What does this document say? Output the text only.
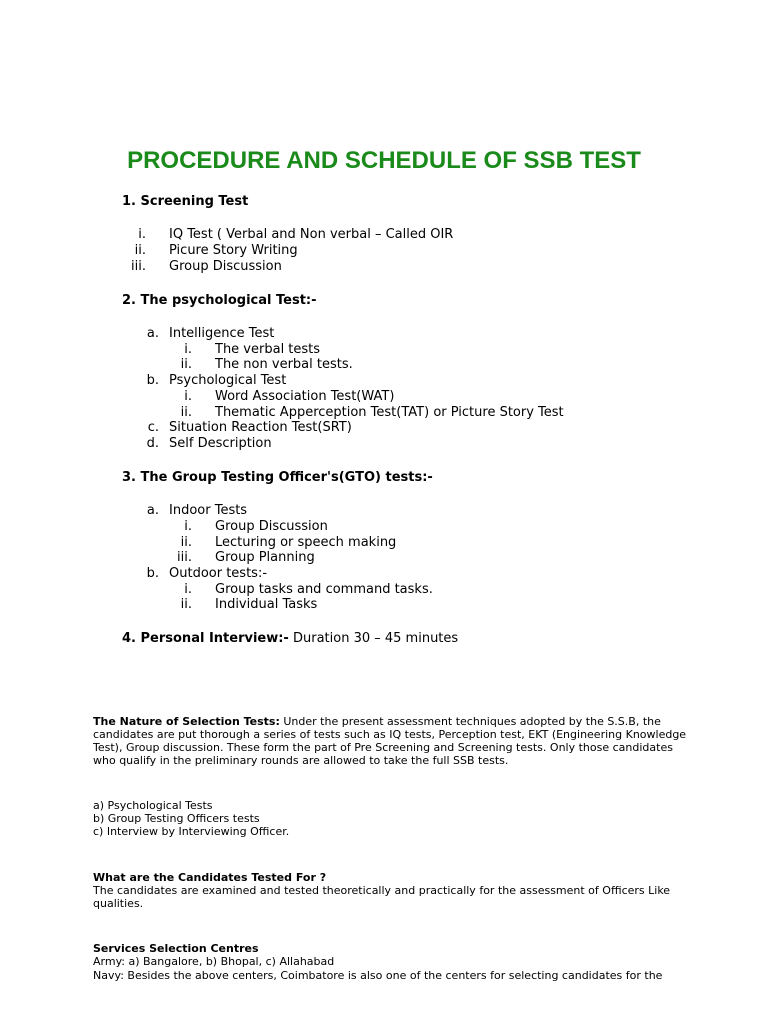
PROCEDURE AND SCHEDULE OF SSB TEST
1. Screening Test
i. IQ Test ( Verbal and Non verbal – Called OIR
ii. Picure Story Writing
iii. Group Discussion
2. The psychological Test:-
a. Intelligence Test
i. The verbal tests
ii. The non verbal tests.
b. Psychological Test
i. Word Association Test(WAT)
ii. Thematic Apperception Test(TAT) or Picture Story Test
c. Situation Reaction Test(SRT)
d. Self Description
3. The Group Testing Officer's(GTO) tests:-
a. Indoor Tests
i. Group Discussion
ii. Lecturing or speech making
iii. Group Planning
b. Outdoor tests:-
i. Group tasks and command tasks.
ii. Individual Tasks
4. Personal Interview:- Duration 30 – 45 minutes
The Nature of Selection Tests: Under the present assessment techniques adopted by the S.S.B, the candidates are put thorough a series of tests such as IQ tests, Perception test, EKT (Engineering Knowledge Test), Group discussion. These form the part of Pre Screening and Screening tests. Only those candidates who qualify in the preliminary rounds are allowed to take the full SSB tests.
a) Psychological Tests
b) Group Testing Officers tests
c) Interview by Interviewing Officer.
What are the Candidates Tested For ?
The candidates are examined and tested theoretically and practically for the assessment of Officers Like qualities.
Services Selection Centres
Army: a) Bangalore, b) Bhopal, c) Allahabad
Navy: Besides the above centers, Coimbatore is also one of the centers for selecting candidates for the
